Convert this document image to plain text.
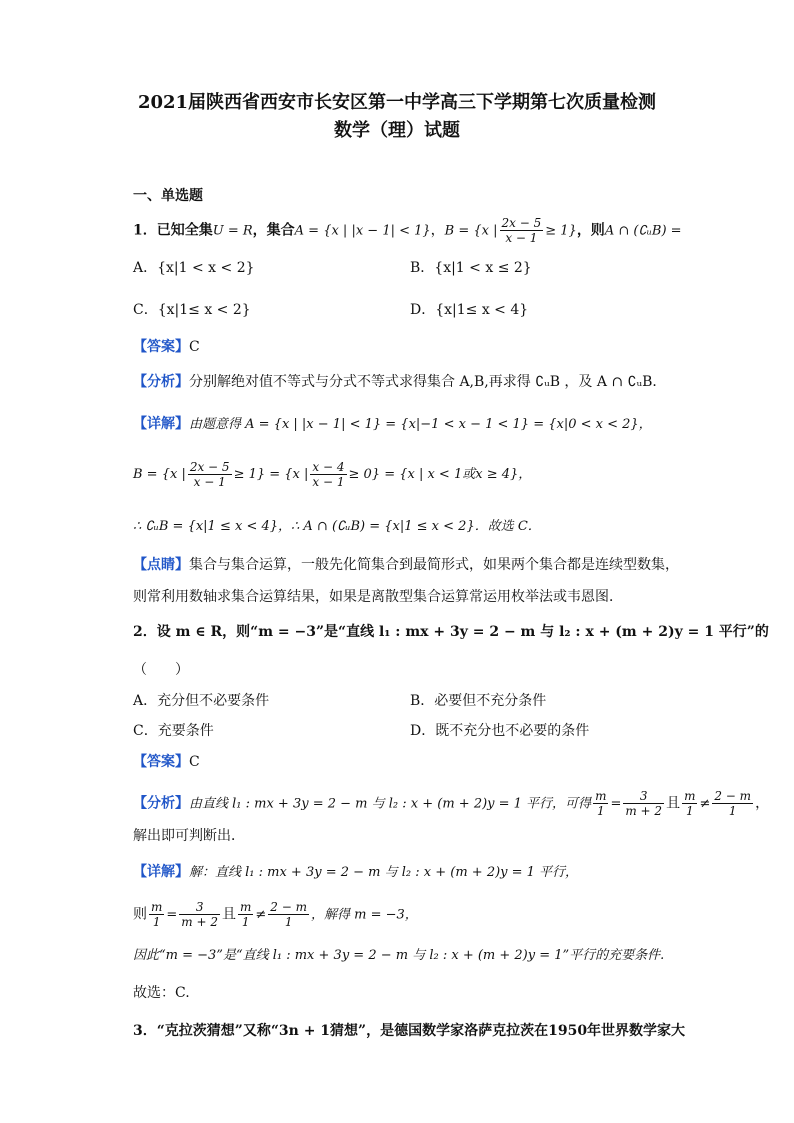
2021届陕西省西安市长安区第一中学高三下学期第七次质量检测
数学（理）试题
一、单选题
1．已知全集U = R，集合A = {x | |x − 1| < 1}，B = {x | $\frac{2x - 5}{x - 1} \ge 1$}，则A ∩ (∁ᵤB) =
A．{x|1 < x < 2}	B．{x|1 < x ≤ 2}
C．{x|1≤ x < 2}	D．{x|1≤ x < 4}
【答案】C
【分析】分别解绝对值不等式与分式不等式求得集合 A,B,再求得 ∁ᵤB ，及 A ∩ ∁ᵤB．
【详解】由题意得 A = {x | |x − 1| < 1} = {x|−1 < x − 1 < 1} = {x|0 < x < 2}，
B = {x | $\frac{2x - 5}{x - 1} \ge 1\} = \{x$ | $\frac{x - 4}{x - 1} \ge 0\} = \{x$ | x < 1或x ≥ 4}，
∴ ∁ᵤB = {x|1 ≤ x < 4}，∴ A ∩ (∁ᵤB) = {x|1 ≤ x < 2}．故选 C．
【点睛】集合与集合运算，一般先化简集合到最简形式，如果两个集合都是连续型数集，
则常利用数轴求集合运算结果，如果是离散型集合运算常运用枚举法或韦恩图．
2．设 m ∈ R，则“m = −3”是“直线 l₁ : mx + 3y = 2 − m 与 l₂ : x + (m + 2)y = 1 平行”的
（　　）
A．充分但不必要条件	B．必要但不充分条件
C．充要条件	D．既不充分也不必要的条件
【答案】C
【分析】由直线 l₁ : mx + 3y = 2 − m 与 l₂ : x + (m + 2)y = 1 平行，可得 $\frac{m}{1} = \frac{3}{m + 2}$ 且 $\frac{m}{1} \ne \frac{2 - m}{1}$ ，
解出即可判断出．
【详解】解：直线 l₁ : mx + 3y = 2 − m 与 l₂ : x + (m + 2)y = 1 平行，
则 $\frac{m}{1} = \frac{3}{m + 2}$ 且 $\frac{m}{1} \ne \frac{2 - m}{1}$ ，解得 m = −3，
因此“m = −3”是“直线 l₁ : mx + 3y = 2 − m 与 l₂ : x + (m + 2)y = 1”平行的充要条件.
故选：C.
3．“克拉茨猜想”又称“3n + 1猜想”，是德国数学家洛萨克拉茨在1950年世界数学家大
